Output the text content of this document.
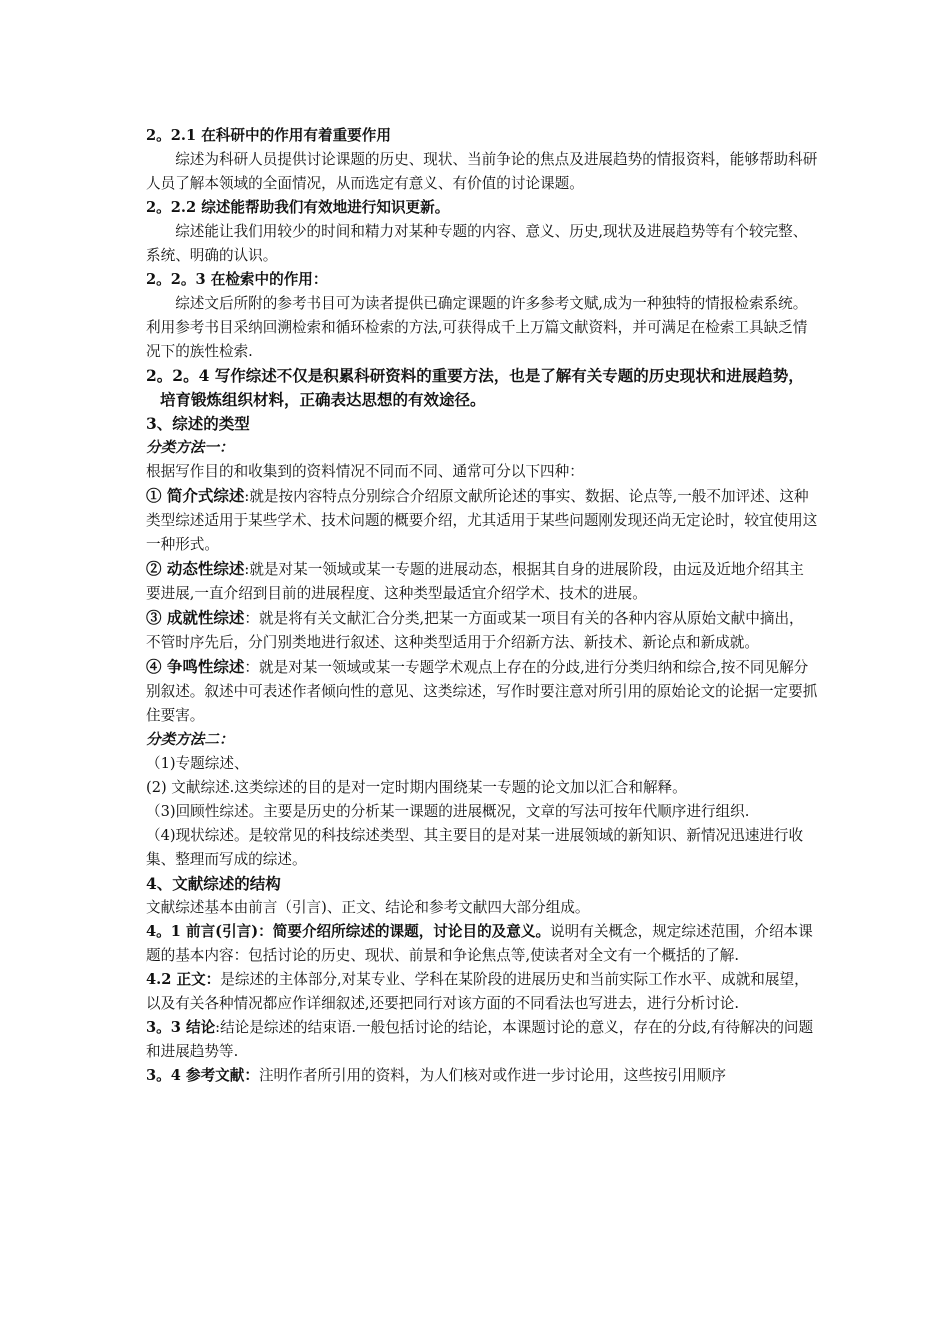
2。2.1 在科研中的作用有着重要作用

综述为科研人员提供讨论课题的历史、现状、当前争论的焦点及进展趋势的情报资料，能够帮助科研人员了解本领域的全面情况，从而选定有意义、有价值的讨论课题。

2。2.2 综述能帮助我们有效地进行知识更新。

综述能让我们用较少的时间和精力对某种专题的内容、意义、历史,现状及进展趋势等有个较完整、系统、明确的认识。

2。2。3 在检索中的作用：

综述文后所附的参考书目可为读者提供已确定课题的许多参考文赋,成为一种独特的情报检索系统。利用参考书目采纳回溯检索和循环检索的方法,可获得成千上万篇文献资料，并可满足在检索工具缺乏情况下的族性检索.

2。2。4 写作综述不仅是积累科研资料的重要方法，也是了解有关专题的历史现状和进展趋势，培育锻炼组织材料，正确表达思想的有效途径。

3、综述的类型

分类方法一：

根据写作目的和收集到的资料情况不同而不同、通常可分以下四种：

① 简介式综述:就是按内容特点分别综合介绍原文献所论述的事实、数据、论点等,一般不加评述、这种类型综述适用于某些学术、技术问题的概要介绍，尤其适用于某些问题刚发现还尚无定论时，较宜使用这一种形式。

② 动态性综述:就是对某一领域或某一专题的进展动态，根据其自身的进展阶段，由远及近地介绍其主要进展,一直介绍到目前的进展程度、这种类型最适宜介绍学术、技术的进展。

③ 成就性综述：就是将有关文献汇合分类,把某一方面或某一项目有关的各种内容从原始文献中摘出，不管时序先后，分门别类地进行叙述、这种类型适用于介绍新方法、新技术、新论点和新成就。

④ 争鸣性综述：就是对某一领域或某一专题学术观点上存在的分歧,进行分类归纳和综合,按不同见解分别叙述。叙述中可表述作者倾向性的意见、这类综述，写作时要注意对所引用的原始论文的论据一定要抓住要害。

分类方法二：

（1)专题综述、

(2) 文献综述.这类综述的目的是对一定时期内围绕某一专题的论文加以汇合和解释。

（3)回顾性综述。主要是历史的分析某一课题的进展概况，文章的写法可按年代顺序进行组织.

（4)现状综述。是较常见的科技综述类型、其主要目的是对某一进展领域的新知识、新情况迅速进行收集、整理而写成的综述。

4、文献综述的结构

文献综述基本由前言（引言)、正文、结论和参考文献四大部分组成。

4。1 前言(引言)：简要介绍所综述的课题，讨论目的及意义。说明有关概念，规定综述范围，介绍本课题的基本内容：包括讨论的历史、现状、前景和争论焦点等,使读者对全文有一个概括的了解.

4.2 正文：是综述的主体部分,对某专业、学科在某阶段的进展历史和当前实际工作水平、成就和展望，以及有关各种情况都应作详细叙述,还要把同行对该方面的不同看法也写进去，进行分析讨论.

3。3 结论:结论是综述的结束语.一般包括讨论的结论，本课题讨论的意义，存在的分歧,有待解决的问题和进展趋势等.

3。4 参考文献：注明作者所引用的资料，为人们核对或作进一步讨论用，这些按引用顺序
